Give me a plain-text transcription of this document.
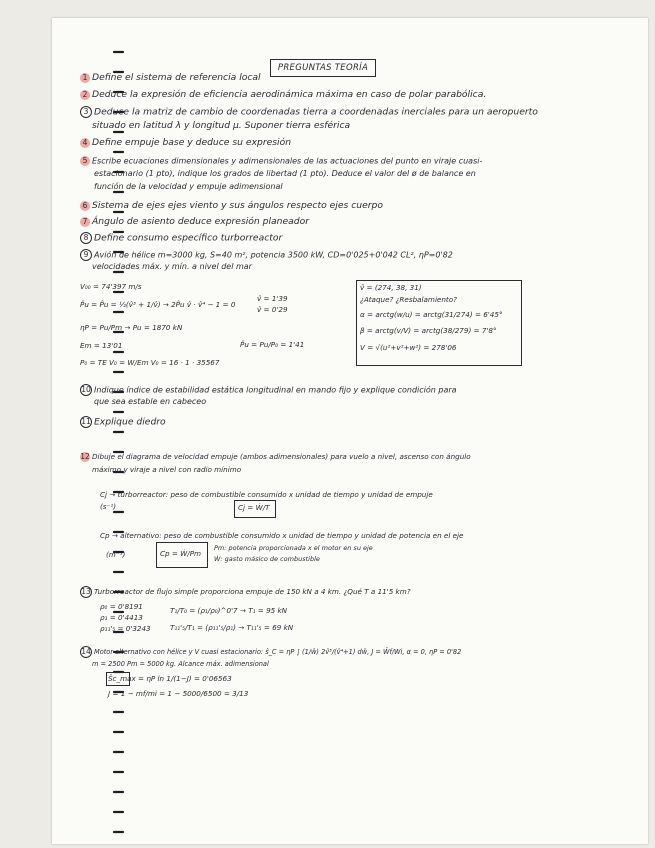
PREGUNTAS TEORÍA
1 Define el sistema de referencia local
2 Deduce la expresión de eficiencia aerodinámica máxima en caso de polar parabólica.
3 Deduce la matriz de cambio de coordenadas tierra a coordenadas inerciales para un aeropuerto
situado en latitud λ y longitud μ. Suponer tierra esférica
4 Define empuje base y deduce su expresión
5 Escribe ecuaciones dimensionales y adimensionales de las actuaciones del punto en viraje cuasi-
estacionario (1 pto), indique los grados de libertad (1 pto). Deduce el valor del ø de balance en
función de la velocidad y empuje adimensional
6 Sistema de ejes ejes viento y sus ángulos respecto ejes cuerpo
7 Ángulo de asiento deduce expresión planeador
8 Define consumo específico turborreactor
9 Avión de hélice m=3000 kg, S=40 m², potencia 3500 kW, CD=0'025+0'042 CL², ηP=0'82
velocidades máx. y mín. a nivel del mar
V₀₀ = 74'397 m/s
P̂u = P̂u = ½(v̂³ + 1/v̂) → 2P̂u v̂ · v̂⁴ − 1 = 0
v̂ = 1'39
v̂ = 0'29
ηP = Pu/Pm → Pu = 1870 kN
Em = 13'01
P₀ = TE V₀ = W/Em V₀ = 16 · 1 · 35567
P̂u = Pu/P₀ = 1'41
v̂ = (274, 38, 31)
¿Ataque? ¿Resbalamiento?
α = arctg(w/u) = arctg(31/274) = 6'45°
β = arctg(v/V) = arctg(38/279) = 7'8°
V = √(u²+v²+w²) = 278'06
10 Indique índice de estabilidad estática longitudinal en mando fijo y explique condición para
que sea estable en cabeceo
11 Explique diedro
12 Dibuje el diagrama de velocidad empuje (ambos adimensionales) para vuelo a nivel, ascenso con ángulo
máximo y viraje a nivel con radio mínimo
Cj → turborreactor: peso de combustible consumido x unidad de tiempo y unidad de empuje
(s⁻¹)	Cj = Ẇ/T
Cp → alternativo: peso de combustible consumido x unidad de tiempo y unidad de potencia en el eje
(m⁻¹)	Cp = Ẇ/Pm
Pm: potencia proporcionada x el motor en su eje
Ẇ: gasto másico de combustible
13 Turborreactor de flujo simple proporciona empuje de 150 kN a 4 km. ¿Qué T a 11'5 km?
ρ₀ = 0'8191
ρ₁ = 0'4413
ρ₁₁'₅ = 0'3243
T₁/T₀ = (ρ₁/ρ₀)^0'7 → T₁ = 95 kN
T₁₁'₅/T₁ = (ρ₁₁'₅/ρ₁) → T₁₁'₅ = 69 kN
14 Motor alternativo con hélice y V cuasi estacionario: ŝ_C = ηP ∫ (1/ŵ) 2v̂³/(v̂⁴+1) dŵ, J = Ŵf/Wi, α = 0, ηP = 0'82
m = 2500 Pm = 5000 kg. Alcance máx. adimensional
Ŝc_max = ηP ln 1/(1−J) = 0'06563
J = 1 − mf/mi = 1 − 5000/6500 = 3/13
